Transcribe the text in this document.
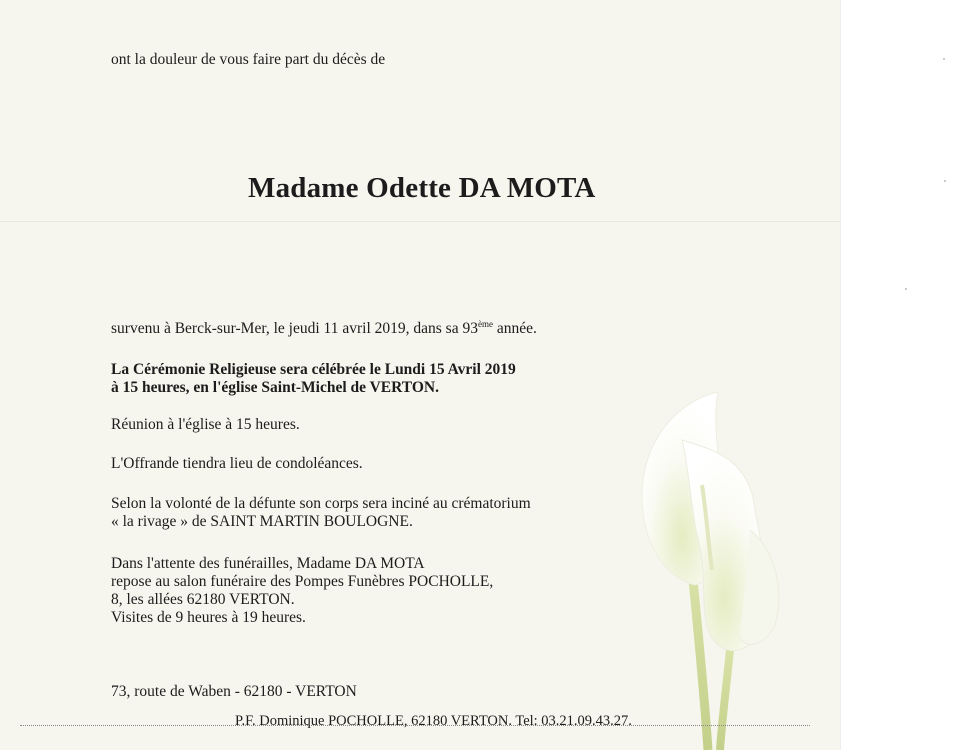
ont la douleur de vous faire part du décès de
Madame Odette DA MOTA
survenu à Berck-sur-Mer, le jeudi 11 avril 2019, dans sa 93ème année.
La Cérémonie Religieuse sera célébrée le Lundi 15 Avril 2019
à 15 heures, en l'église Saint-Michel de VERTON.
Réunion à l'église à 15 heures.
L'Offrande tiendra lieu de condoléances.
Selon la volonté de la défunte son corps sera inciné au crématorium
« la rivage » de SAINT MARTIN BOULOGNE.
Dans l'attente des funérailles, Madame DA MOTA
repose au salon funéraire des Pompes Funèbres POCHOLLE,
8, les allées 62180 VERTON.
Visites de 9 heures à 19 heures.
73, route de Waben - 62180 - VERTON
P.F. Dominique POCHOLLE, 62180 VERTON. Tel: 03.21.09.43.27.
